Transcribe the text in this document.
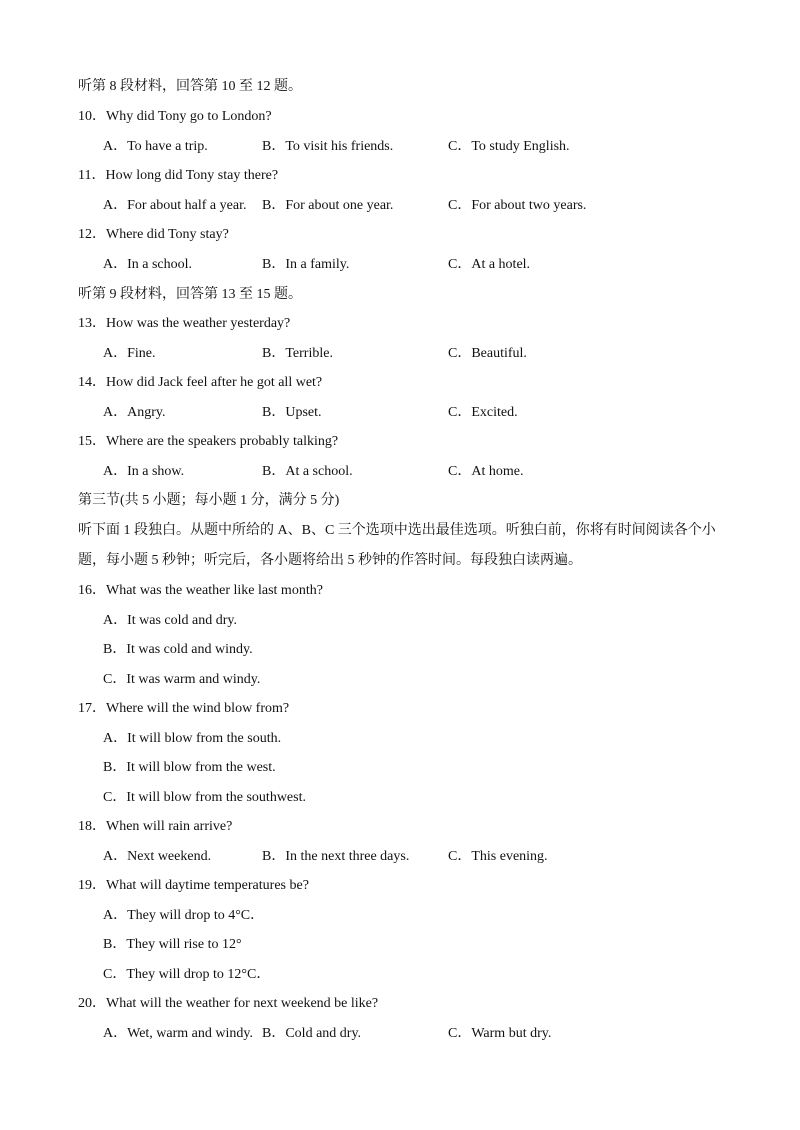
听第 8 段材料，回答第 10 至 12 题。
10．Why did Tony go to London?
A．To have a trip.	B．To visit his friends.	C．To study English.
11．How long did Tony stay there?
A．For about half a year. B．For about one year.	C．For about two years.
12．Where did Tony stay?
A．In a school.	B．In a family.	C．At a hotel.
听第 9 段材料，回答第 13 至 15 题。
13．How was the weather yesterday?
A．Fine.	B．Terrible.	C．Beautiful.
14．How did Jack feel after he got all wet?
A．Angry.	B．Upset.	C．Excited.
15．Where are the speakers probably talking?
A．In a show.	B．At a school.	C．At home.
第三节(共 5 小题；每小题 1 分，满分 5 分)
听下面 1 段独白。从题中所给的 A、B、C 三个选项中选出最佳选项。听独白前，你将有时间阅读各个小
题，每小题 5 秒钟；听完后，各小题将给出 5 秒钟的作答时间。每段独白读两遍。
16．What was the weather like last month?
A．It was cold and dry.
B．It was cold and windy.
C．It was warm and windy.
17．Where will the wind blow from?
A．It will blow from the south.
B．It will blow from the west.
C．It will blow from the southwest.
18．When will rain arrive?
A．Next weekend.	B．In the next three days.	C．This evening.
19．What will daytime temperatures be?
A．They will drop to 4°C．
B．They will rise to 12°
C．They will drop to 12°C．
20．What will the weather for next weekend be like?
A．Wet, warm and windy. B．Cold and dry.	C．Warm but dry.
